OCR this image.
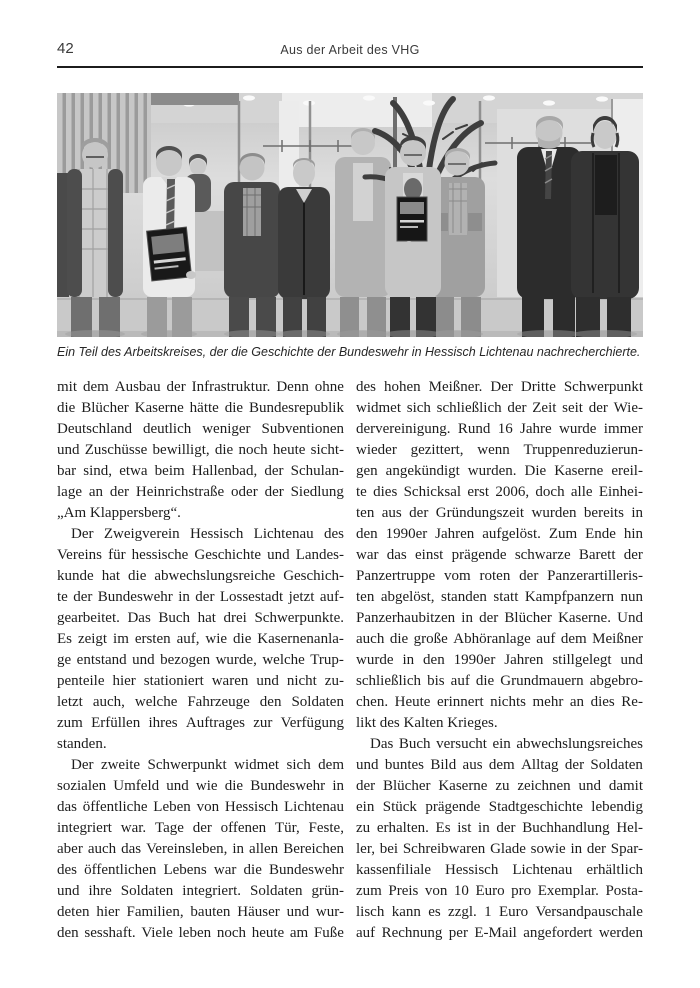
42	Aus der Arbeit des VHG

Ein Teil des Arbeitskreises, der die Geschichte der Bundeswehr in Hessisch Lichtenau nachrecherchierte.

mit dem Ausbau der Infrastruktur. Denn ohne
die Blücher Kaserne hätte die Bundesrepublik
Deutschland deutlich weniger Subventionen
und Zuschüsse bewilligt, die noch heute sicht-
bar sind, etwa beim Hallenbad, der Schulan-
lage an der Heinrichstraße oder der Siedlung
„Am Klappersberg“.
Der Zweigverein Hessisch Lichtenau des
Vereins für hessische Geschichte und Landes-
kunde hat die abwechslungsreiche Geschich-
te der Bundeswehr in der Lossestadt jetzt auf-
gearbeitet. Das Buch hat drei Schwerpunkte.
Es zeigt im ersten auf, wie die Kasernenanla-
ge entstand und bezogen wurde, welche Trup-
penteile hier stationiert waren und nicht zu-
letzt auch, welche Fahrzeuge den Soldaten
zum Erfüllen ihres Auftrages zur Verfügung
standen.
Der zweite Schwerpunkt widmet sich dem
sozialen Umfeld und wie die Bundeswehr in
das öffentliche Leben von Hessisch Lichtenau
integriert war. Tage der offenen Tür, Feste,
aber auch das Vereinsleben, in allen Bereichen
des öffentlichen Lebens war die Bundeswehr
und ihre Soldaten integriert. Soldaten grün-
deten hier Familien, bauten Häuser und wur-
den sesshaft. Viele leben noch heute am Fuße
des hohen Meißner. Der Dritte Schwerpunkt
widmet sich schließlich der Zeit seit der Wie-
dervereinigung. Rund 16 Jahre wurde immer
wieder gezittert, wenn Truppenreduzierun-
gen angekündigt wurden. Die Kaserne ereil-
te dies Schicksal erst 2006, doch alle Einhei-
ten aus der Gründungszeit wurden bereits in
den 1990er Jahren aufgelöst. Zum Ende hin
war das einst prägende schwarze Barett der
Panzertruppe vom roten der Panzerartilleris-
ten abgelöst, standen statt Kampfpanzern nun
Panzerhaubitzen in der Blücher Kaserne. Und
auch die große Abhöranlage auf dem Meißner
wurde in den 1990er Jahren stillgelegt und
schließlich bis auf die Grundmauern abgebro-
chen. Heute erinnert nichts mehr an dies Re-
likt des Kalten Krieges.
Das Buch versucht ein abwechslungsreiches
und buntes Bild aus dem Alltag der Soldaten
der Blücher Kaserne zu zeichnen und damit
ein Stück prägende Stadtgeschichte lebendig
zu erhalten. Es ist in der Buchhandlung Hel-
ler, bei Schreibwaren Glade sowie in der Spar-
kassenfiliale Hessisch Lichtenau erhältlich
zum Preis von 10 Euro pro Exemplar. Posta-
lisch kann es zzgl. 1 Euro Versandpauschale
auf Rechnung per E-Mail angefordert werden
